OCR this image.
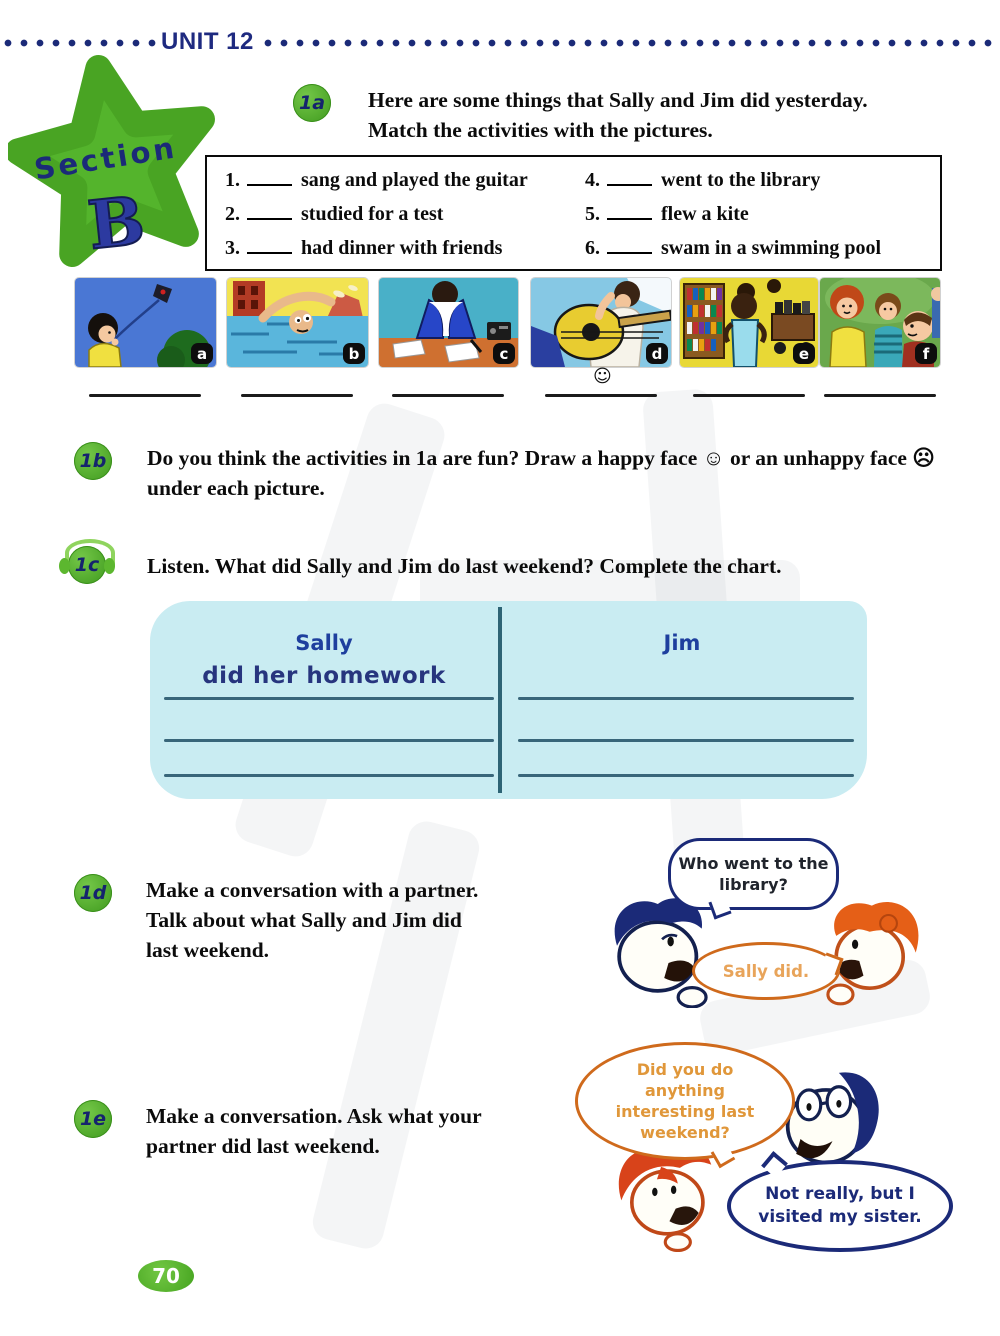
UNIT 12
Section
B
1a Here are some things that Sally and Jim did yesterday. Match the activities with the pictures.
1.	sang and played the guitar
2.	studied for a test
3.	had dinner with friends
4.	went to the library
5.	flew a kite
6.	swam in a swimming pool
a	b	c	d	e	f
☺
1b Do you think the activities in 1a are fun? Draw a happy face ☺ or an unhappy face ☹ under each picture.
1c Listen. What did Sally and Jim do last weekend? Complete the chart.
Sally	Jim
did her homework
1d Make a conversation with a partner. Talk about what Sally and Jim did last weekend.
Who went to the library?
Sally did.
1e Make a conversation. Ask what your partner did last weekend.
Did you do anything interesting last weekend?
Not really, but I visited my sister.
70
